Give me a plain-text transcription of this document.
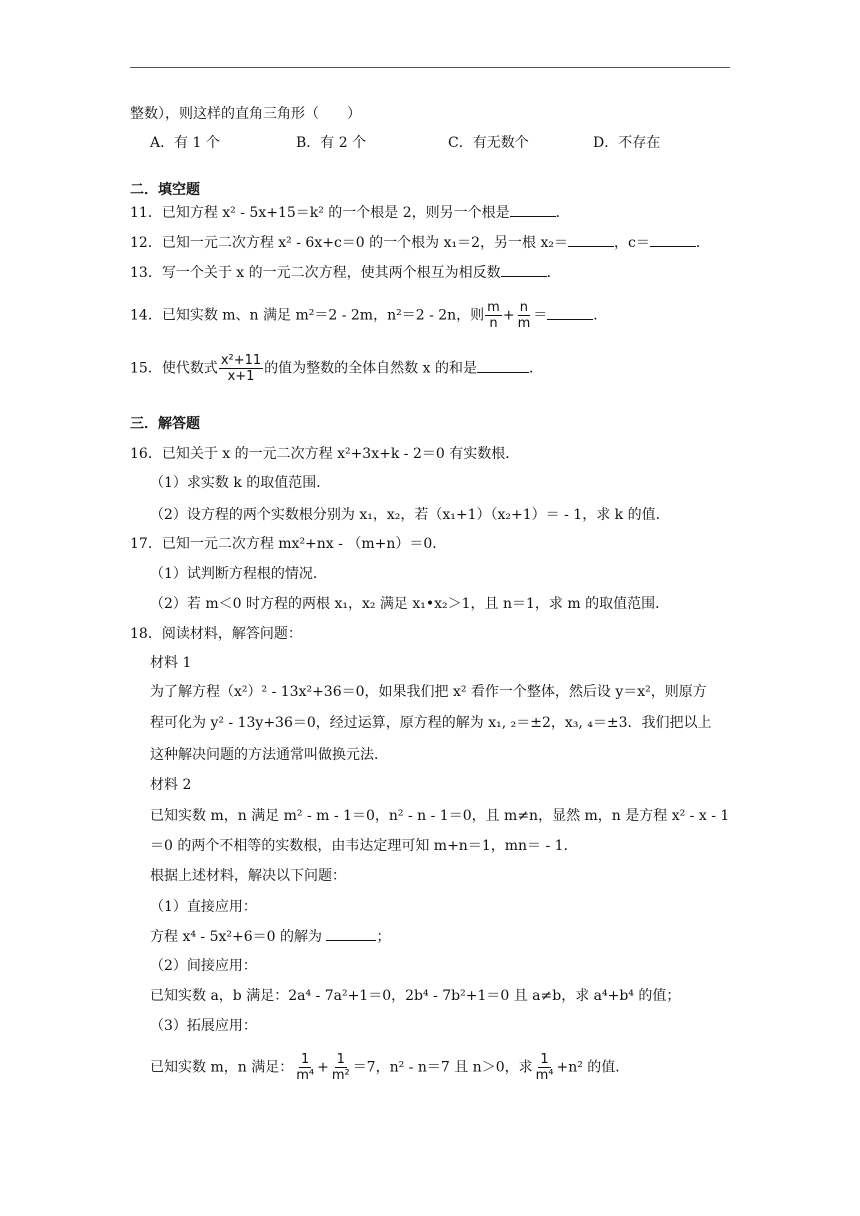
整数），则这样的直角三角形（　　）
A．有 1 个	B．有 2 个	C．有无数个	D．不存在
二．填空题
11．已知方程 x² ‑ 5x+15＝k² 的一个根是 2，则另一个根是	．
12．已知一元二次方程 x² ‑ 6x+c＝0 的一个根为 x₁＝2，另一根 x₂＝	，c＝	．
13．写一个关于 x 的一元二次方程，使其两个根互为相反数	．
14．已知实数 m、n 满足 m²＝2 ‑ 2m，n²＝2 ‑ 2n，则 $\frac{m}{n} + \frac{n}{m}$ ＝	．
15．使代数式 $\frac{\text{x²+11}}{x+1}$ 的值为整数的全体自然数 x 的和是	．
三．解答题
16．已知关于 x 的一元二次方程 x²+3x+k ‑ 2＝0 有实数根．
（1）求实数 k 的取值范围．
（2）设方程的两个实数根分别为 x₁，x₂，若（x₁+1）（x₂+1）＝ ‑ 1，求 k 的值．
17．已知一元二次方程 mx²+nx ‑ （m+n）＝0．
（1）试判断方程根的情况．
（2）若 m＜0 时方程的两根 x₁，x₂ 满足 x₁•x₂＞1，且 n＝1，求 m 的取值范围．
18．阅读材料，解答问题：
材料 1
为了解方程（x²）² ‑ 13x²+36＝0，如果我们把 x² 看作一个整体，然后设 y＝x²，则原方
程可化为 y² ‑ 13y+36＝0，经过运算，原方程的解为 x₁, ₂＝±2，x₃, ₄＝±3．我们把以上
这种解决问题的方法通常叫做换元法．
材料 2
已知实数 m，n 满足 m² ‑ m ‑ 1＝0，n² ‑ n ‑ 1＝0，且 m≠n，显然 m，n 是方程 x² ‑ x ‑ 1
＝0 的两个不相等的实数根，由韦达定理可知 m+n＝1，mn＝ ‑ 1．
根据上述材料，解决以下问题：
（1）直接应用：
方程 x⁴ ‑ 5x²+6＝0 的解为	；
（2）间接应用：
已知实数 a，b 满足：2a⁴ ‑ 7a²+1＝0，2b⁴ ‑ 7b²+1＝0 且 a≠b，求 a⁴+b⁴ 的值；
（3）拓展应用：
已知实数 m，n 满足： $\frac{1}{\text{m⁴}} + \frac{1}{\text{m²}} =7$，n² ‑ n＝7 且 n＞0，求 $\frac{1}{\text{m⁴}} +n^2$ 的值．
